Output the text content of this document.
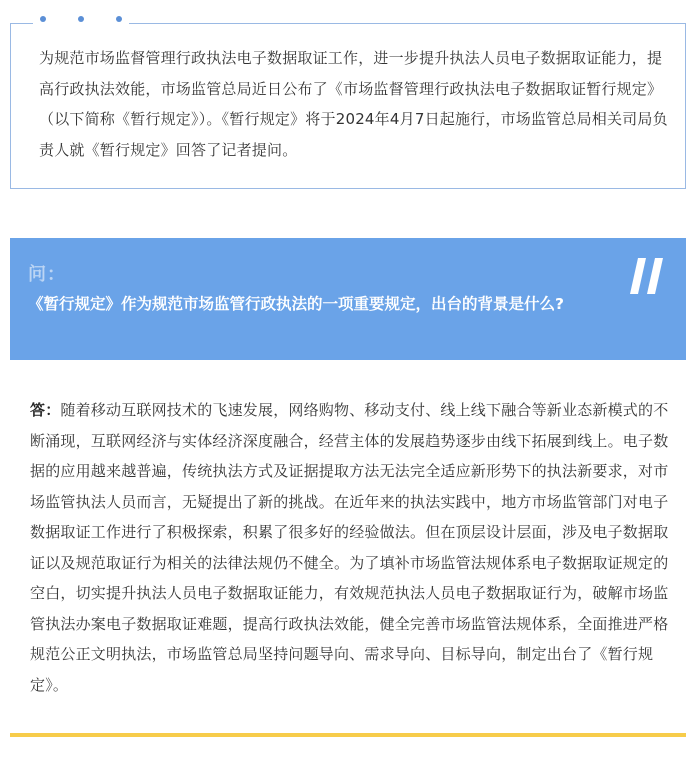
为规范市场监督管理行政执法电子数据取证工作，进一步提升执法人员电子数据取证能力，提高行政执法效能，市场监管总局近日公布了《市场监督管理行政执法电子数据取证暂行规定》（以下简称《暂行规定》）。《暂行规定》将于2024年4月7日起施行，市场监管总局相关司局负责人就《暂行规定》回答了记者提问。

问：

《暂行规定》作为规范市场监管行政执法的一项重要规定，出台的背景是什么?

答：随着移动互联网技术的飞速发展，网络购物、移动支付、线上线下融合等新业态新模式的不断涌现，互联网经济与实体经济深度融合，经营主体的发展趋势逐步由线下拓展到线上。电子数据的应用越来越普遍，传统执法方式及证据提取方法无法完全适应新形势下的执法新要求，对市场监管执法人员而言，无疑提出了新的挑战。在近年来的执法实践中，地方市场监管部门对电子数据取证工作进行了积极探索，积累了很多好的经验做法。但在顶层设计层面，涉及电子数据取证以及规范取证行为相关的法律法规仍不健全。为了填补市场监管法规体系电子数据取证规定的空白，切实提升执法人员电子数据取证能力，有效规范执法人员电子数据取证行为，破解市场监管执法办案电子数据取证难题，提高行政执法效能，健全完善市场监管法规体系，全面推进严格规范公正文明执法，市场监管总局坚持问题导向、需求导向、目标导向，制定出台了《暂行规定》。
